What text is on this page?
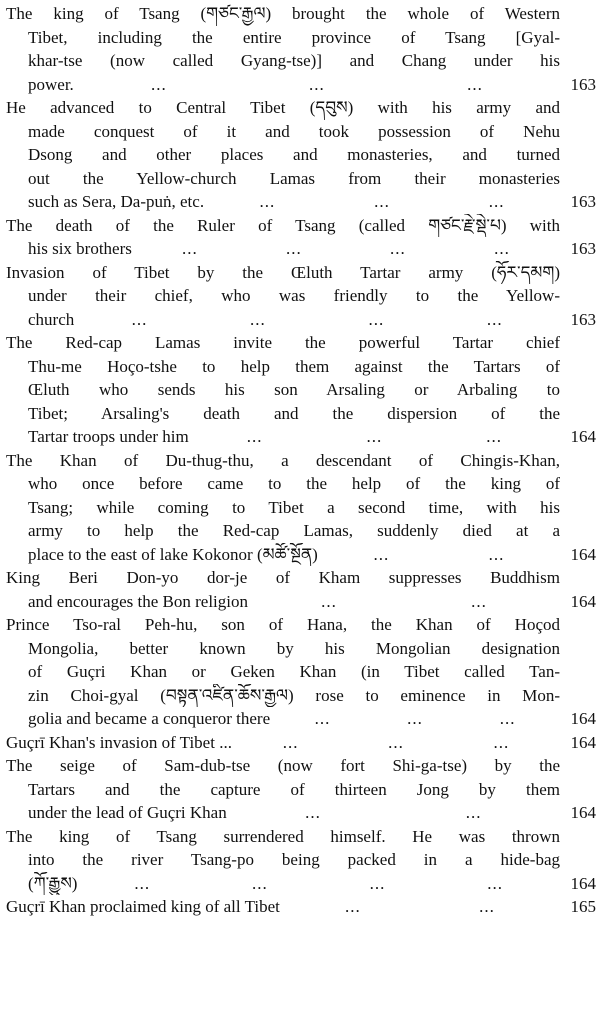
The king of Tsang (གཙང་རྒྱལ) brought the whole of Western
Tibet, including the entire province of Tsang [Gyal-
khar-tse (now called Gyang-tse)] and Chang under his
power.	...	...	...	163
He advanced to Central Tibet (དབུས) with his army and
made conquest of it and took possession of Nehu
Dsong and other places and monasteries, and turned
out the Yellow-church Lamas from their monasteries
such as Sera, Da-puṅ, etc.	...	...	...	163
The death of the Ruler of Tsang (called གཙང་རྗེ་སྡེ་པ) with
his six brothers	...	...	...	...	163
Invasion of Tibet by the Œluth Tartar army (ཧོར་དམག)
under their chief, who was friendly to the Yellow-
church	...	...	...	...	163
The Red-cap Lamas invite the powerful Tartar chief
Thu-me Hoço-tshe to help them against the Tartars of
Œluth who sends his son Arsaling or Arbaling to
Tibet; Arsaling's death and the dispersion of the
Tartar troops under him	...	...	...	164
The Khan of Du-thug-thu, a descendant of Chingis-Khan,
who once before came to the help of the king of
Tsang; while coming to Tibet a second time, with his
army to help the Red-cap Lamas, suddenly died at a
place to the east of lake Kokonor (མཚོ་སྔོན)	...	...	164
King Beri Don-yo dor-je of Kham suppresses Buddhism
and encourages the Bon religion	...	...	164
Prince Tso-ral Peh-hu, son of Hana, the Khan of Hoçod
Mongolia, better known by his Mongolian designation
of Guçri Khan or Geken Khan (in Tibet called Tan-
zin Choi-gyal (བསྟན་འཛིན་ཆོས་རྒྱལ) rose to eminence in Mon-
golia and became a conqueror there	...	...	...	164
Guçrī Khan's invasion of Tibet ...	...	...	...	164
The seige of Sam-dub-tse (now fort Shi-ga-tse) by the
Tartars and the capture of thirteen Jong by them
under the lead of Guçri Khan	...	...	164
The king of Tsang surrendered himself. He was thrown
into the river Tsang-po being packed in a hide-bag
(ཀོ་རྒྱུས)	...	...	...	...	164
Guçrī Khan proclaimed king of all Tibet	...	...	165
